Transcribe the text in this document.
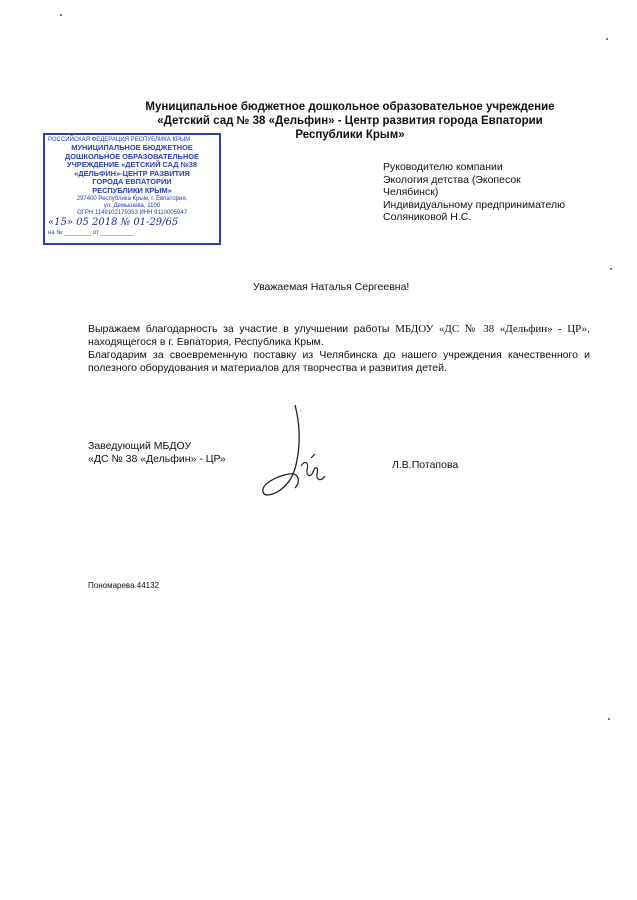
Муниципальное бюджетное дошкольное образовательное учреждение
«Детский сад № 38 «Дельфин» - Центр развития города Евпатории
Республики Крым»
РОССИЙСКАЯ ФЕДЕРАЦИЯ РЕСПУБЛИКА КРЫМ
МУНИЦИПАЛЬНОЕ БЮДЖЕТНОЕ
ДОШКОЛЬНОЕ ОБРАЗОВАТЕЛЬНОЕ
УЧРЕЖДЕНИЕ «ДЕТСКИЙ САД №38
«ДЕЛЬФИН»-ЦЕНТР РАЗВИТИЯ
ГОРОДА ЕВПАТОРИИ
РЕСПУБЛИКИ КРЫМ»
297400 Республика Крым, г. Евпатория,
ул. Демышева, 110б
ОГРН 1149102179353 ИНН 9110005947
«15» 05 2018 № 01-29/65
на № ________ от __________
Руководителю компании
Экология детства (Экопесок
Челябинск)
Индивидуальному предпринимателю
Соляниковой Н.С.
Уважаемая Наталья Сергеевна!

Выражаем благодарность за участие в улучшении работы МБДОУ «ДС № 38 «Дельфин» - ЦР», находящегося в г. Евпатория, Республика Крым.

Благодарим за своевременную поставку из Челябинска до нашего учреждения качественного и полезного оборудования и материалов для творчества и развития детей.

Заведующий МБДОУ
«ДС № 38 «Дельфин» - ЦР»	Л.В.Потапова
Пономарева 44132
